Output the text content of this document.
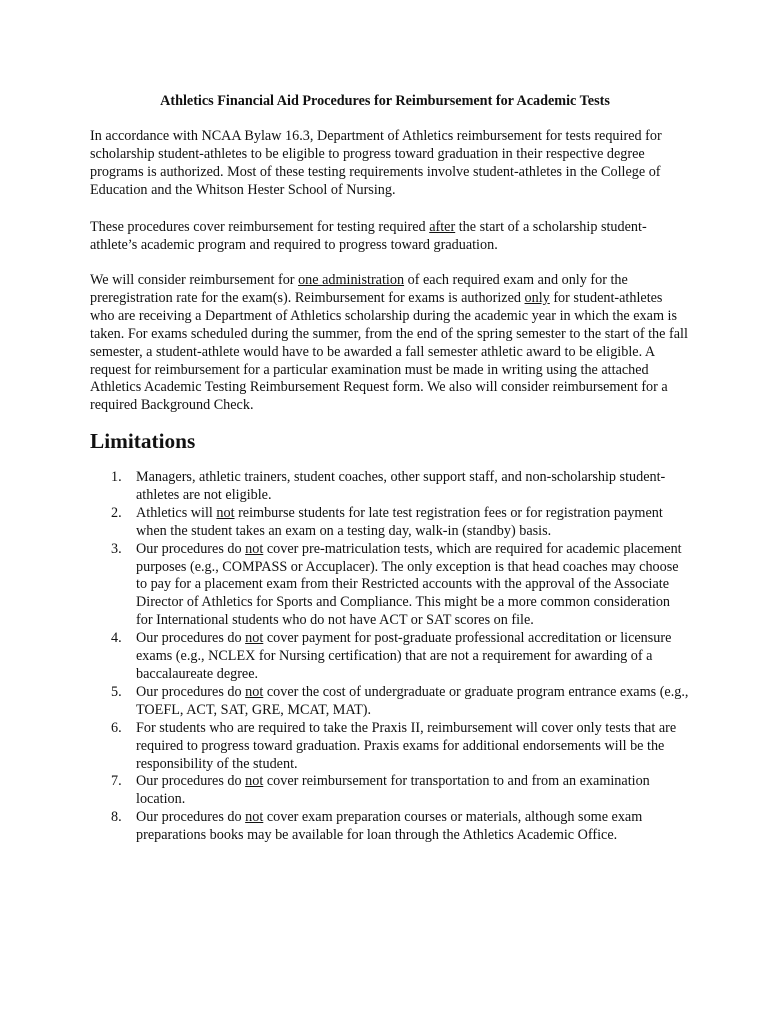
Athletics Financial Aid Procedures for Reimbursement for Academic Tests

In accordance with NCAA Bylaw 16.3, Department of Athletics reimbursement for tests required for scholarship student-athletes to be eligible to progress toward graduation in their respective degree programs is authorized. Most of these testing requirements involve student-athletes in the College of Education and the Whitson Hester School of Nursing.

These procedures cover reimbursement for testing required after the start of a scholarship student-athlete’s academic program and required to progress toward graduation.

We will consider reimbursement for one administration of each required exam and only for the preregistration rate for the exam(s). Reimbursement for exams is authorized only for student-athletes who are receiving a Department of Athletics scholarship during the academic year in which the exam is taken. For exams scheduled during the summer, from the end of the spring semester to the start of the fall semester, a student-athlete would have to be awarded a fall semester athletic award to be eligible. A request for reimbursement for a particular examination must be made in writing using the attached Athletics Academic Testing Reimbursement Request form. We also will consider reimbursement for a required Background Check.

Limitations
1. Managers, athletic trainers, student coaches, other support staff, and non-scholarship student-athletes are not eligible.
2. Athletics will not reimburse students for late test registration fees or for registration payment when the student takes an exam on a testing day, walk-in (standby) basis.
3. Our procedures do not cover pre-matriculation tests, which are required for academic placement purposes (e.g., COMPASS or Accuplacer). The only exception is that head coaches may choose to pay for a placement exam from their Restricted accounts with the approval of the Associate Director of Athletics for Sports and Compliance. This might be a more common consideration for International students who do not have ACT or SAT scores on file.
4. Our procedures do not cover payment for post-graduate professional accreditation or licensure exams (e.g., NCLEX for Nursing certification) that are not a requirement for awarding of a baccalaureate degree.
5. Our procedures do not cover the cost of undergraduate or graduate program entrance exams (e.g., TOEFL, ACT, SAT, GRE, MCAT, MAT).
6. For students who are required to take the Praxis II, reimbursement will cover only tests that are required to progress toward graduation. Praxis exams for additional endorsements will be the responsibility of the student.
7. Our procedures do not cover reimbursement for transportation to and from an examination location.
8. Our procedures do not cover exam preparation courses or materials, although some exam preparations books may be available for loan through the Athletics Academic Office.
